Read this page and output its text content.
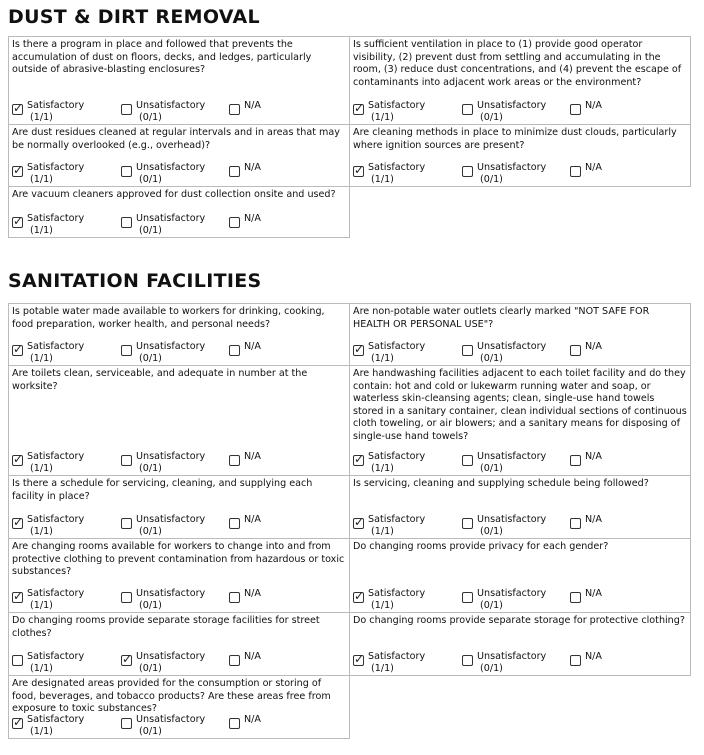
DUST & DIRT REMOVAL

Is there a program in place and followed that prevents the accumulation of dust on floors, decks, and ledges, particularly outside of abrasive-blasting enclosures?

✓ Satisfactory
(1/1)
Unsatisfactory
(0/1)
N/A

Is sufficient ventilation in place to (1) provide good operator visibility, (2) prevent dust from settling and accumulating in the room, (3) reduce dust concentrations, and (4) prevent the escape of contaminants into adjacent work areas or the environment?

✓ Satisfactory
(1/1)
Unsatisfactory
(0/1)
N/A

Are dust residues cleaned at regular intervals and in areas that may be normally overlooked (e.g., overhead)?

✓ Satisfactory
(1/1)
Unsatisfactory
(0/1)
N/A

Are cleaning methods in place to minimize dust clouds, particularly where ignition sources are present?

✓ Satisfactory
(1/1)
Unsatisfactory
(0/1)
N/A

Are vacuum cleaners approved for dust collection onsite and used?

✓ Satisfactory
(1/1)
Unsatisfactory
(0/1)
N/A
SANITATION FACILITIES

Is potable water made available to workers for drinking, cooking, food preparation, worker health, and personal needs?

✓ Satisfactory
(1/1)
Unsatisfactory
(0/1)
N/A

Are non-potable water outlets clearly marked "NOT SAFE FOR HEALTH OR PERSONAL USE"?

✓ Satisfactory
(1/1)
Unsatisfactory
(0/1)
N/A

Are toilets clean, serviceable, and adequate in number at the worksite?

✓ Satisfactory
(1/1)
Unsatisfactory
(0/1)
N/A

Are handwashing facilities adjacent to each toilet facility and do they contain: hot and cold or lukewarm running water and soap, or waterless skin-cleansing agents; clean, single-use hand towels stored in a sanitary container, clean individual sections of continuous cloth toweling, or air blowers; and a sanitary means for disposing of single-use hand towels?

✓ Satisfactory
(1/1)
Unsatisfactory
(0/1)
N/A

Is there a schedule for servicing, cleaning, and supplying each facility in place?

✓ Satisfactory
(1/1)
Unsatisfactory
(0/1)
N/A

Is servicing, cleaning and supplying schedule being followed?

✓ Satisfactory
(1/1)
Unsatisfactory
(0/1)
N/A

Are changing rooms available for workers to change into and from protective clothing to prevent contamination from hazardous or toxic substances?

✓ Satisfactory
(1/1)
Unsatisfactory
(0/1)
N/A

Do changing rooms provide privacy for each gender?

✓ Satisfactory
(1/1)
Unsatisfactory
(0/1)
N/A

Do changing rooms provide separate storage facilities for street clothes?

Satisfactory
(1/1)
✓ Unsatisfactory
(0/1)
N/A

Do changing rooms provide separate storage for protective clothing?

✓ Satisfactory
(1/1)
Unsatisfactory
(0/1)
N/A

Are designated areas provided for the consumption or storing of food, beverages, and tobacco products? Are these areas free from exposure to toxic substances?

✓ Satisfactory
(1/1)
Unsatisfactory
(0/1)
N/A
